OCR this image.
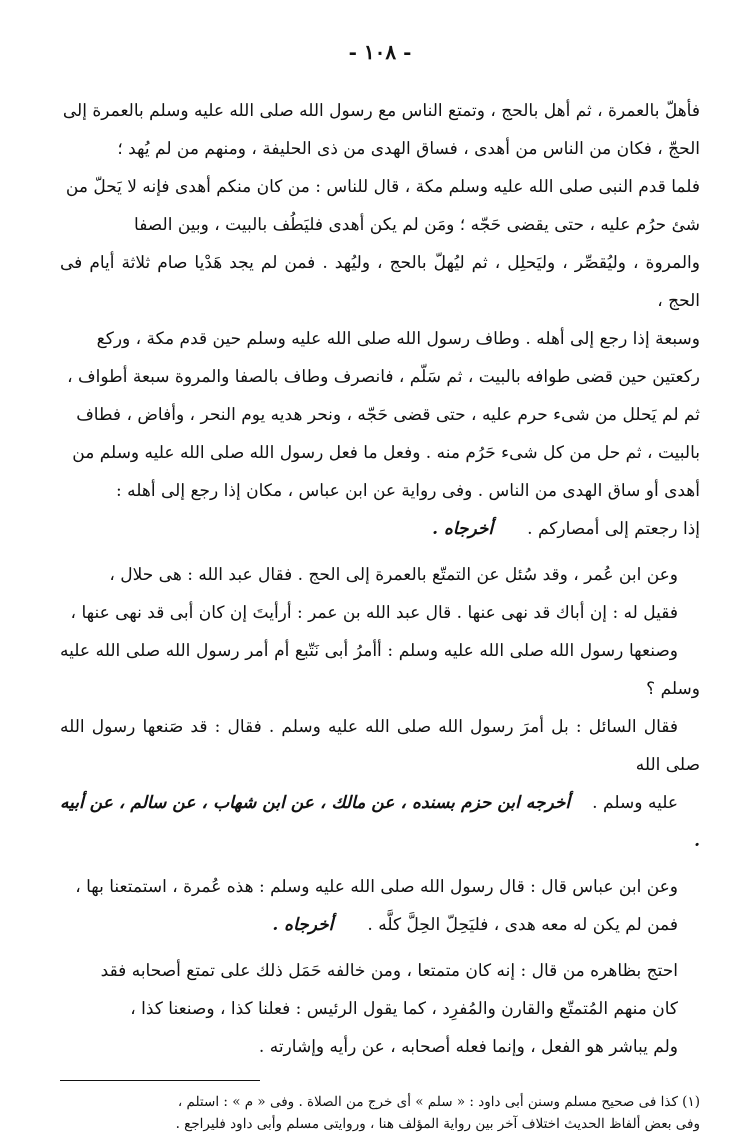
- ١٠٨ -
فأهلّ بالعمرة ، ثم أهل بالحج ، وتمتع الناس مع رسول الله صلى الله عليه وسلم بالعمرة إلى
الحجّ ، فكان من الناس من أهدى ، فساق الهدى من ذى الحليفة ، ومنهم من لم يُهد ؛
فلما قدم النبى صلى الله عليه وسلم مكة ، قال للناس : من كان منكم أهدى فإنه لا يَحلّ من
شئ حرُم عليه ، حتى يقضى حَجّه ؛ ومَن لم يكن أهدى فليَطُف بالبيت ، وبين الصفا
والمروة ، وليُقصِّر ، وليَحلِل ، ثم ليُهلّ بالحج ، وليُهد . فمن لم يجد هَدْيا صام ثلاثة أيام فى الحج ،
وسبعة إذا رجع إلى أهله . وطاف رسول الله صلى الله عليه وسلم حين قدم مكة ، وركع
ركعتين حين قضى طوافه بالبيت ، ثم سَلّم ، فانصرف وطاف بالصفا والمروة سبعة أطواف ،
ثم لم يَحلل من شىء حرم عليه ، حتى قضى حَجّه ، ونحر هديه يوم النحر ، وأفاض ، فطاف
بالبيت ، ثم حل من كل شىء حَرُم منه . وفعل ما فعل رسول الله صلى الله عليه وسلم من
أهدى أو ساق الهدى من الناس . وفى رواية عن ابن عباس ، مكان إذا رجع إلى أهله :
إذا رجعتم إلى أمصاركم .أخرجاه .
وعن ابن عُمر ، وقد سُئل عن التمتّع بالعمرة إلى الحج . فقال عبد الله : هى حلال ،
فقيل له : إن أباك قد نهى عنها . قال عبد الله بن عمر : أرأيتَ إن كان أبى قد نهى عنها ،
وصنعها رسول الله صلى الله عليه وسلم : أأمرُ أبى نَتّبع أم أمر رسول الله صلى الله عليه وسلم ؟
فقال السائل : بل أمرَ رسول الله صلى الله عليه وسلم . فقال : قد صَنعها رسول الله صلى الله
عليه وسلم .أخرجه ابن حزم بسنده ، عن مالك ، عن ابن شهاب ، عن سالم ، عن أبيه .
وعن ابن عباس قال : قال رسول الله صلى الله عليه وسلم : هذه عُمرة ، استمتعنا بها ،
فمن لم يكن له معه هدى ، فليَحِلّ الحِلَّ كلَّه .أخرجاه .
احتج بظاهره من قال : إنه كان متمتعا ، ومن خالفه حَمَل ذلك على تمتع أصحابه فقد
كان منهم المُتمتّع والقارن والمُفرِد ، كما يقول الرئيس : فعلنا كذا ، وصنعنا كذا ،
ولم يباشر هو الفعل ، وإنما فعله أصحابه ، عن رأيه وإشارته .
(١) كذا فى صحيح مسلم وسنن أبى داود : « سلم » أى خرج من الصلاة . وفى « م » : استلم ،
وفى بعض ألفاظ الحديث اختلاف آخر بين رواية المؤلف هنا ، وروايتى مسلم وأبى داود فليراجع .
